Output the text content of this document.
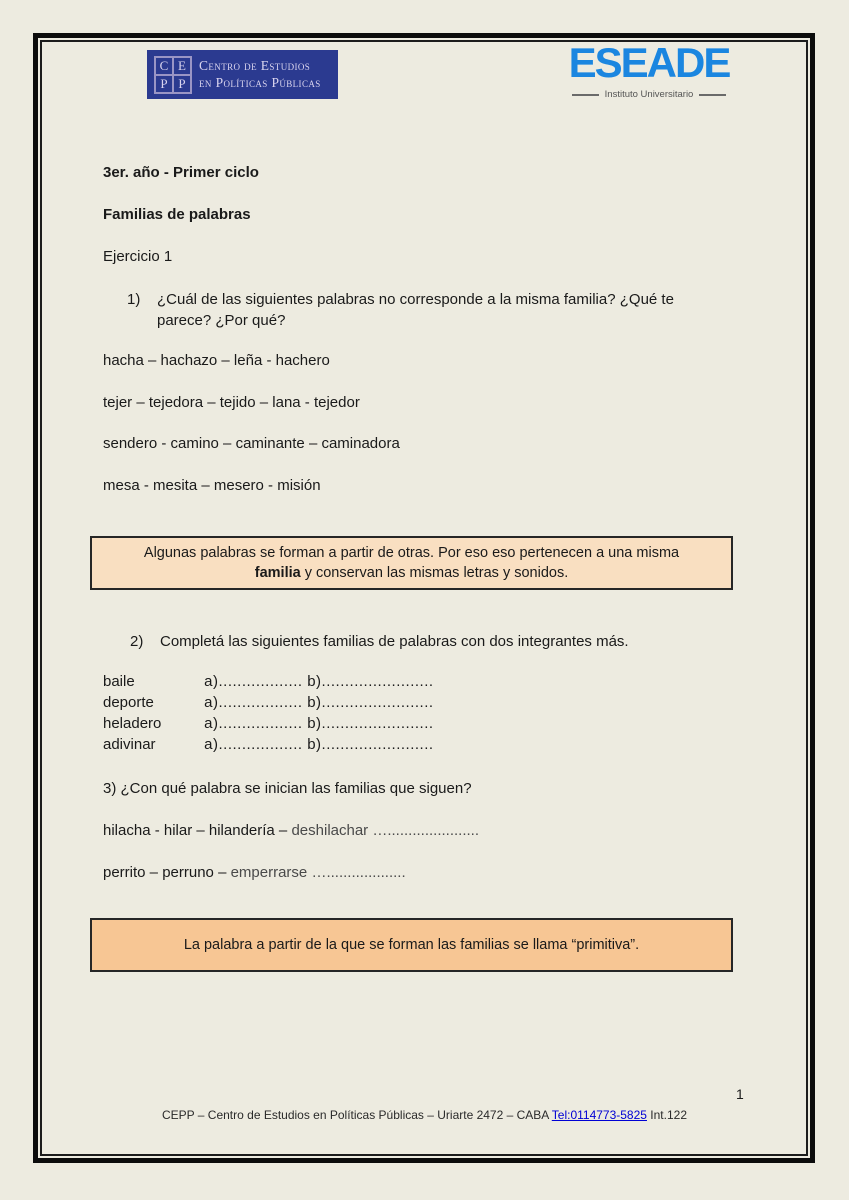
C E
P P
Centro de Estudios
en Políticas Públicas	ESEADE
Instituto Universitario
3er. año - Primer ciclo
Familias de palabras
Ejercicio 1
1)	¿Cuál de las siguientes palabras no corresponde a la misma familia? ¿Qué te parece? ¿Por qué?
hacha – hachazo – leña - hachero
tejer – tejedora – tejido – lana - tejedor
sendero - camino – caminante – caminadora
mesa - mesita – mesero - misión
Algunas palabras se forman a partir de otras. Por eso eso pertenecen a una misma
familia y conservan las mismas letras y sonidos.
2)	Completá las siguientes familias de palabras con dos integrantes más.
baile	a).................. b)........................
deporte	a).................. b)........................
heladero	a).................. b)........................
adivinar	a).................. b)........................
3) ¿Con qué palabra se inician las familias que siguen?
hilacha - hilar – hilandería – deshilachar …......................
perrito – perruno – emperrarse …...................
La palabra a partir de la que se forman las familias se llama “primitiva”.
1
CEPP – Centro de Estudios en Políticas Públicas – Uriarte 2472 – CABA Tel:0114773-5825 Int.122
